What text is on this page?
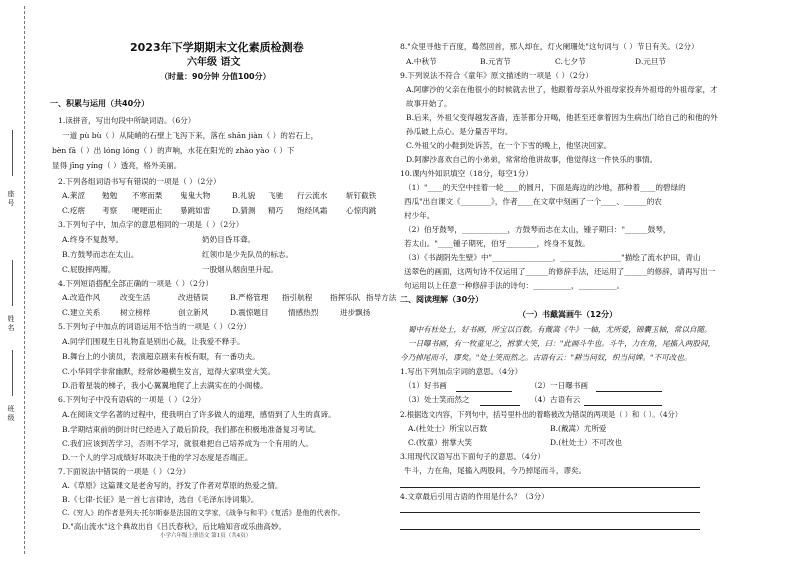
座号
姓名
班级
2023年下学期期末文化素质检测卷
六年级 语文
（时量：90分钟 分值100分）
一、积累与运用（共40分）
1.读拼音，写出句段中所缺词语。（6分）
一道 pù bù（ ）从陡峭的石壁上飞泻下来，落在 shān jiàn（ ）的岩石上，
bèn fā（ ）出 lóng lóng（ ）的声响，水花在阳光的 zhào yào（ ）下
显得 jīng yíng（ ）透亮，格外美丽。
2.下列各组词语书写有错误的一项是（ ）（2分）
A.莱涩 勉勉 不寒而栗 鬼鬼大物	B.礼貌 飞驰 行云流水 斩钉截铁
C.疙瘩 考察 哽哽而止 暴跳如雷	D.猜测 精巧 饱经风霜 心惊肉跳
3.下列句子中，加点字的意思相同的一项是（ ）（2分）
A.终身不复鼓琴。	奶奶目昏耳聋。
B.方鼓琴而志在太山。	红领巾是少先队员的标志。
C.屁股摔两瓣。	一股烟从烟囱里升起。
4.下列短语搭配全部正确的一项是（ ）（2分）
A.改造作风	改变生活	改进错误	B.严格管理 指引航程 指挥乐队 指导方法
C.建立关系	树立榜样	创立新风	D.震惊题目	情感热烈	进步飘扬
5.下列句子中加点的词语运用不恰当的一项是（ ）（2分）
A.同学们围观生日礼物直是别出心裁，让我爱不释手。
B.舞台上的小演员，表演超京剧来有板有眼，有一番功夫。
C.小华同学非常幽默，经常妙趣横生发言，逗得大家哄堂大笑。
D.沿着星装的梯子，我小心翼翼地爬了上去满实在的小阁楼。
6.下列句子中没有语病的一项是（ ）（2分）
A.在阅读文学名著的过程中，使我明白了许多做人的道理，感悟到了人生的真谛。
B.学期结束前的倒计时已经进入了最后阶段，我们都在积极地准备复习考试。
C.我们应该到苦学习，否则不学习，就很难把自己培养成为一个有用的人。
D.一个人的学习成绩好坏取决于他的学习态度是否端正。
7.下面说法中错误的一项是（ ）（2分）
A.《草原》这篇课文是老舍写的，抒发了作者对草原的热爱之情。
B.《七律·长征》是一首七言律诗，选自《毛泽东诗词集》。
C.《穷人》的作者是列夫·托尔斯泰是法国的文学家，《战争与和平》《复活》是他的代表作。
D."高山流水"这个典故出自《吕氏春秋》，后比喻知音或乐曲高妙。
小学六年级上册语文 第1页（共4页）
8."众里寻他千百度，蓦然回首，那人却在，灯火阑珊处"这句词与（ ）节日有关。（2分）
A.中秋节	B.元宵节	C.七夕节	D.元旦节
9.下列说法不符合《童年》原文描述的一项是（ ）（2分）
A.阿廖沙的父亲在他很小的时候就去世了，他跟着母亲从外祖母家投奔外祖母的外祖母家，才
故事开始了。
B.后来，外祖父变得越发吝啬，连茶都分开喝，他甚至还拿着因为生病出门给自己的和他的外
孙瓜破上点心。是分量否平均。
C.外祖父的小鞋到处诉苦，在一个下雪的晚上，他坚决回家。
D.阿廖沙喜欢自己的小弟弟，常常给他讲故事，他觉得这一件快乐的事情。
10.课内外知识填空（18分，每空1分）
（1）"____的天空中挂着一轮____的圆月，下面是海边的沙地，都种着____的碧绿的
西瓜"出自课文《________》，作者____在文章中刻画了一个____、______的农
村少年。
（2）伯牙鼓琴，____________，方鼓琴而志在太山，锺子期曰："______鼓琴，
若太山。"____锺子期死，伯牙________，终身不复鼓。
（3）《书湖阴先生壁》中"________________，________________"描绘了流水护田，青山
送翠色的画面，这两句诗不仅运用了______的修辞手法，还运用了______的修辞，请再写出一
句运用以上任意一种修辞手法的诗句：__________，__________。
二、阅读理解（30分）
（一）书戴嵩画牛（12分）
蜀中有杜处士，好书画，所宝以百数。有戴嵩《牛》一轴，尤所爱，锦囊玉轴，常以自随。
一日曝书画，有一牧童见之，拊掌大笑，曰："此画斗牛也。斗牛，力在角，尾搐入两股间，
今乃掉尾而斗，谬矣。"处士笑而然之。古语有云："耕当问奴，织当问婢。"不可改也。
1.写出下列加点字词的意思。（4分）
（1）好书画	（2）一日曝书画
（3）处士笑而然之	（4）古语有云
2.根据选文内容，下列句中，括号里朴出的着略被改为错误的两项是（ ）和（ ）。（4分）
A.(杜处士）所宝以百数	B.(戴嵩）尤所爱
C.(牧童）拊掌大笑	D.(杜处士）不可改也
3.用现代汉语写出下面句子的意思。（4分）
牛斗，力在角，尾搐入两股间，今乃掉尾而斗，谬矣。
4.文章最后引用古语的作用是什么？（3分）
